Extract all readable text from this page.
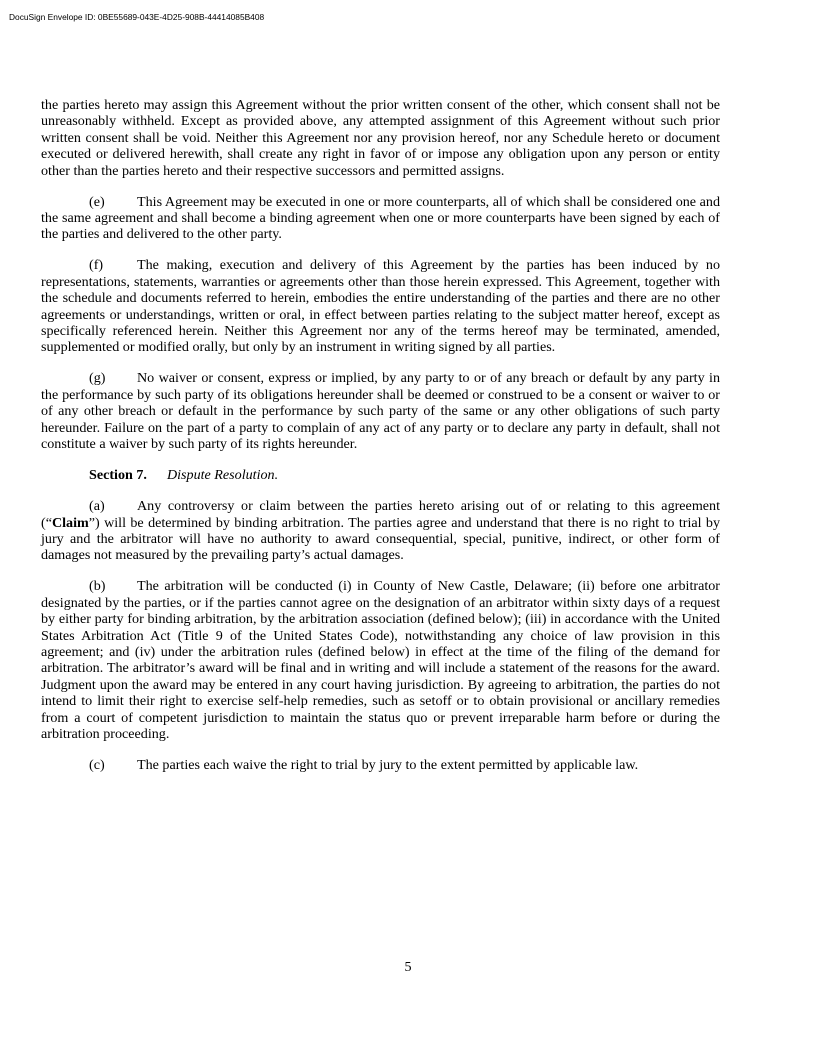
DocuSign Envelope ID: 0BE55689-043E-4D25-908B-44414085B408

the parties hereto may assign this Agreement without the prior written consent of the other, which consent shall not be unreasonably withheld. Except as provided above, any attempted assignment of this Agreement without such prior written consent shall be void. Neither this Agreement nor any provision hereof, nor any Schedule hereto or document executed or delivered herewith, shall create any right in favor of or impose any obligation upon any person or entity other than the parties hereto and their respective successors and permitted assigns.

(e) This Agreement may be executed in one or more counterparts, all of which shall be considered one and the same agreement and shall become a binding agreement when one or more counterparts have been signed by each of the parties and delivered to the other party.

(f) The making, execution and delivery of this Agreement by the parties has been induced by no representations, statements, warranties or agreements other than those herein expressed. This Agreement, together with the schedule and documents referred to herein, embodies the entire understanding of the parties and there are no other agreements or understandings, written or oral, in effect between parties relating to the subject matter hereof, except as specifically referenced herein. Neither this Agreement nor any of the terms hereof may be terminated, amended, supplemented or modified orally, but only by an instrument in writing signed by all parties.

(g) No waiver or consent, express or implied, by any party to or of any breach or default by any party in the performance by such party of its obligations hereunder shall be deemed or construed to be a consent or waiver to or of any other breach or default in the performance by such party of the same or any other obligations of such party hereunder. Failure on the part of a party to complain of any act of any party or to declare any party in default, shall not constitute a waiver by such party of its rights hereunder.

Section 7. Dispute Resolution.

(a) Any controversy or claim between the parties hereto arising out of or relating to this agreement (“Claim”) will be determined by binding arbitration. The parties agree and understand that there is no right to trial by jury and the arbitrator will have no authority to award consequential, special, punitive, indirect, or other form of damages not measured by the prevailing party’s actual damages.

(b) The arbitration will be conducted (i) in County of New Castle, Delaware; (ii) before one arbitrator designated by the parties, or if the parties cannot agree on the designation of an arbitrator within sixty days of a request by either party for binding arbitration, by the arbitration association (defined below); (iii) in accordance with the United States Arbitration Act (Title 9 of the United States Code), notwithstanding any choice of law provision in this agreement; and (iv) under the arbitration rules (defined below) in effect at the time of the filing of the demand for arbitration. The arbitrator’s award will be final and in writing and will include a statement of the reasons for the award. Judgment upon the award may be entered in any court having jurisdiction. By agreeing to arbitration, the parties do not intend to limit their right to exercise self-help remedies, such as setoff or to obtain provisional or ancillary remedies from a court of competent jurisdiction to maintain the status quo or prevent irreparable harm before or during the arbitration proceeding.

(c) The parties each waive the right to trial by jury to the extent permitted by applicable law.

5
